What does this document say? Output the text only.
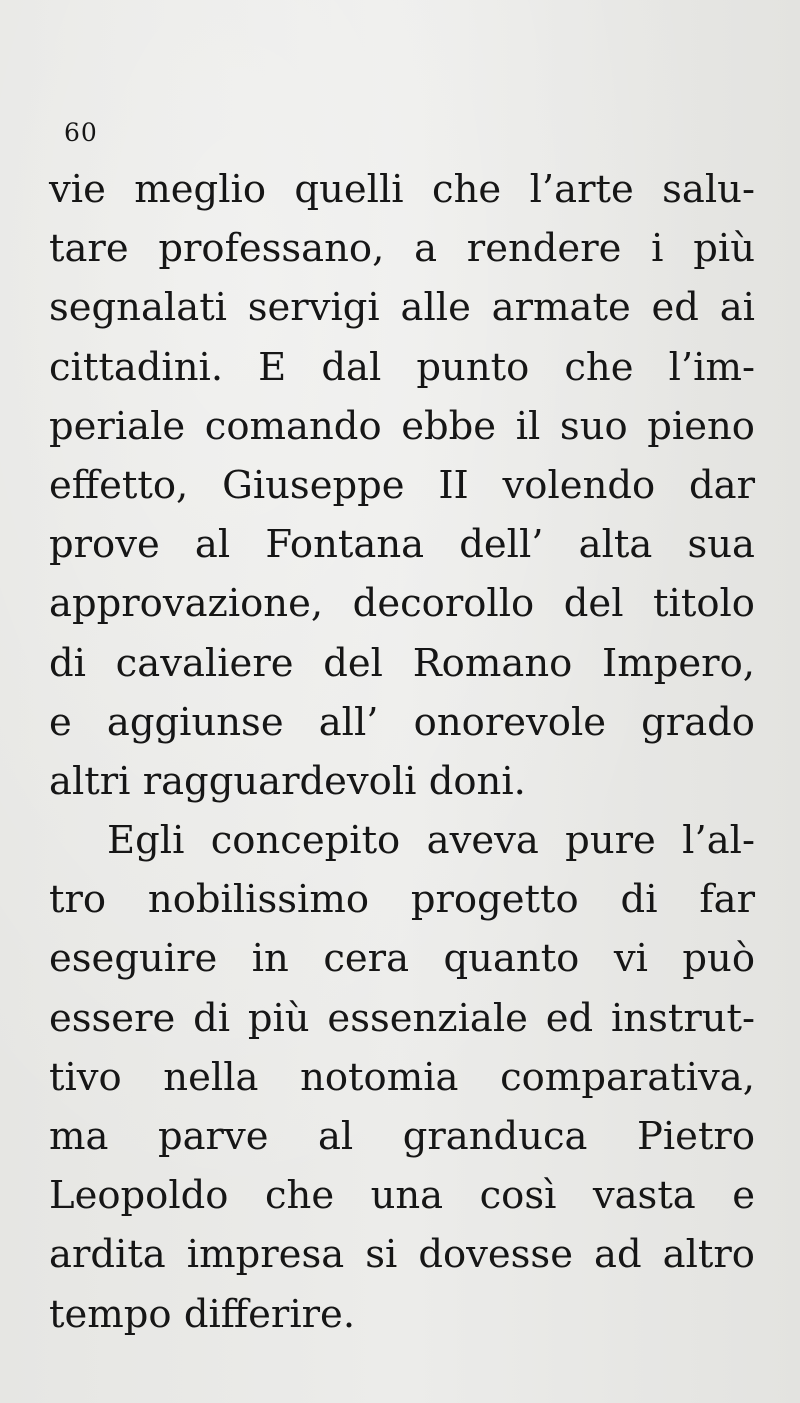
60
vie meglio quelli che l’arte salu-
tare professano, a rendere i più
segnalati servigi alle armate ed ai
cittadini. E dal punto che l’im-
periale comando ebbe il suo pieno
effetto, Giuseppe II volendo dar
prove al Fontana dell’ alta sua
approvazione, decorollo del titolo
di cavaliere del Romano Impero,
e aggiunse all’ onorevole grado
altri ragguardevoli doni.
Egli concepito aveva pure l’al-
tro nobilissimo progetto di far
eseguire in cera quanto vi può
essere di più essenziale ed instrut-
tivo nella notomia comparativa,
ma parve al granduca Pietro
Leopoldo che una così vasta e
ardita impresa si dovesse ad altro
tempo differire.
